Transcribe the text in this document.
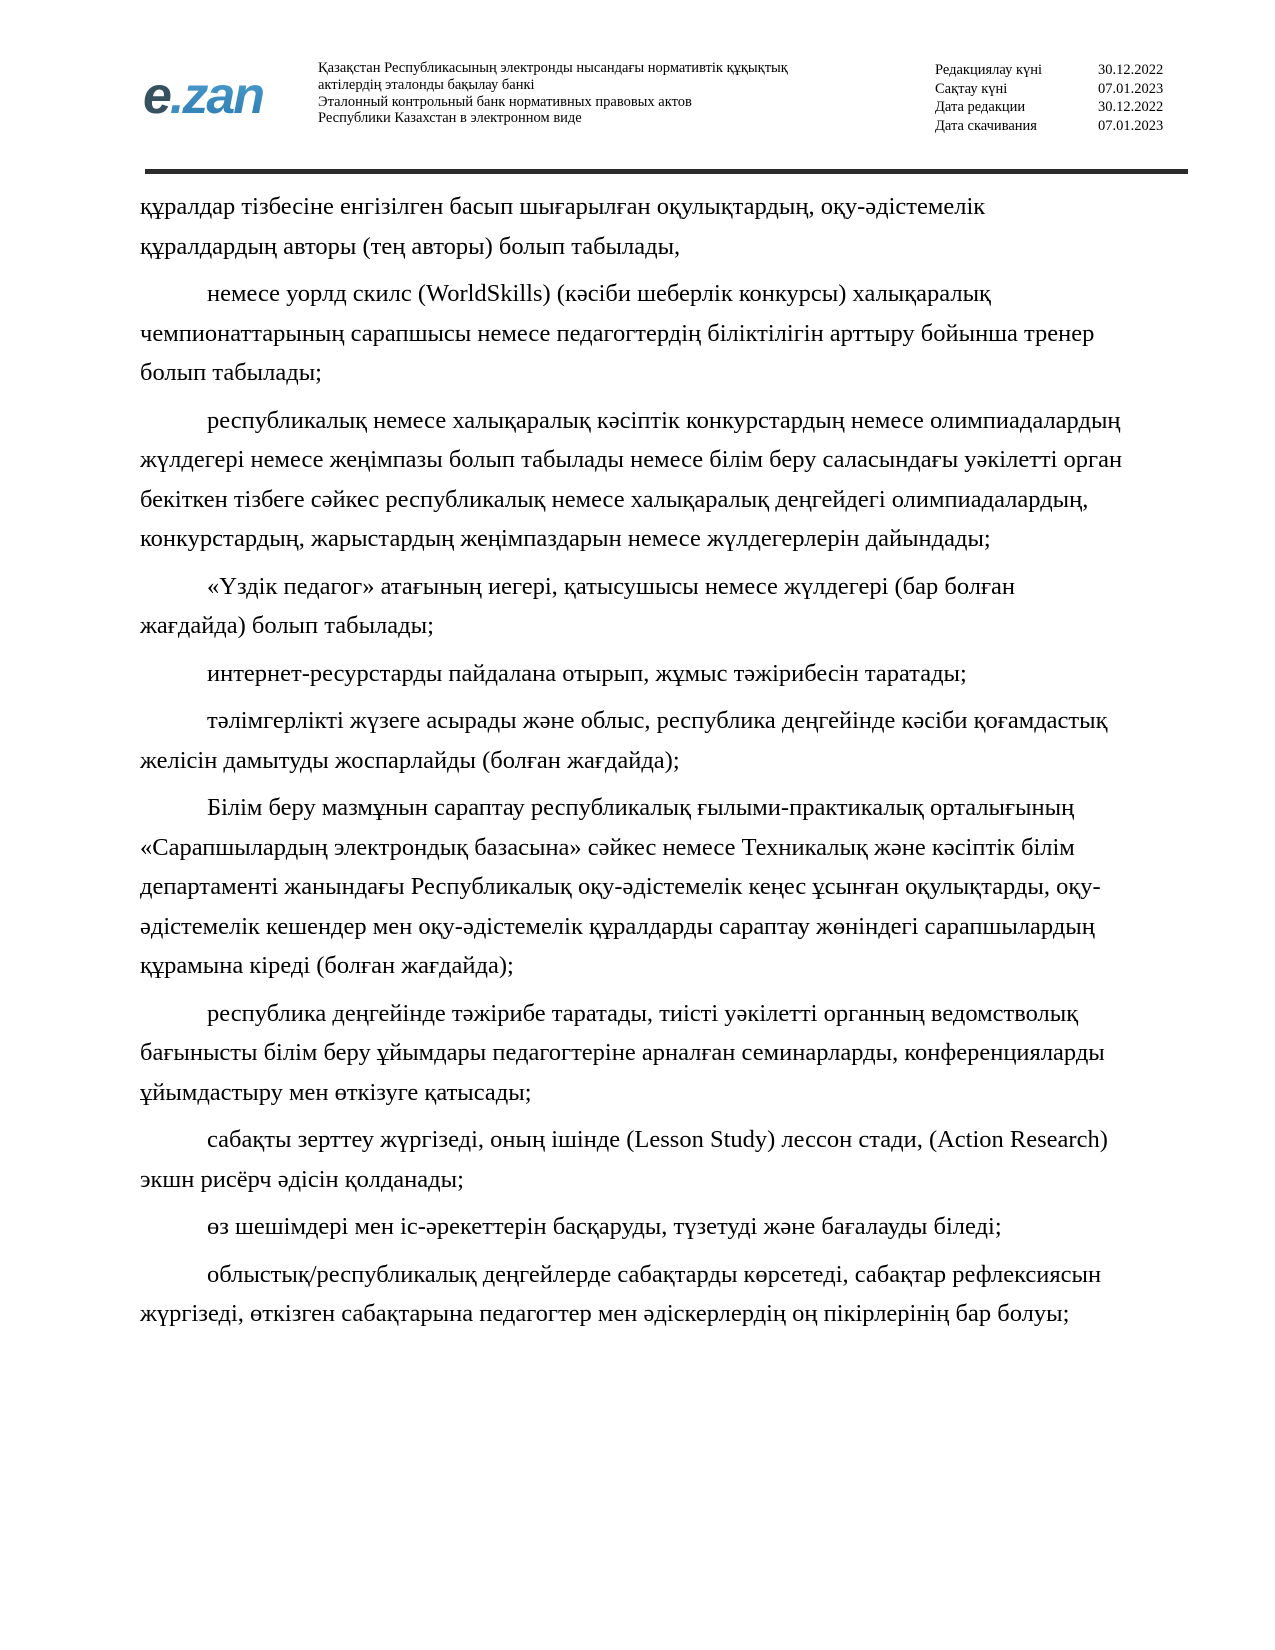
e.zan	Қазақстан Республикасының электронды нысандағы нормативтік құқықтық
актілердің эталонды бақылау банкі
Эталонный контрольный банк нормативных правовых актов
Республики Казахстан в электронном виде
Редакциялау күні	30.12.2022
Сақтау күні	07.01.2023
Дата редакции	30.12.2022
Дата скачивания	07.01.2023

құралдар тізбесіне енгізілген басып шығарылған оқулықтардың, оқу-әдістемелік құралдардың авторы (тең авторы) болып табылады,

немесе уорлд скилс (WorldSkills) (кәсіби шеберлік конкурсы) халықаралық чемпионаттарының сарапшысы немесе педагогтердің біліктілігін арттыру бойынша тренер болып табылады;

республикалық немесе халықаралық кәсіптік конкурстардың немесе олимпиадалардың жүлдегері немесе жеңімпазы болып табылады немесе білім беру саласындағы уәкілетті орган бекіткен тізбеге сәйкес республикалық немесе халықаралық деңгейдегі олимпиадалардың, конкурстардың, жарыстардың жеңімпаздарын немесе жүлдегерлерін дайындады;

«Үздік педагог» атағының иегері, қатысушысы немесе жүлдегері (бар болған жағдайда) болып табылады;

интернет-ресурстарды пайдалана отырып, жұмыс тәжірибесін таратады;

тәлімгерлікті жүзеге асырады және облыс, республика деңгейінде кәсіби қоғамдастық желісін дамытуды жоспарлайды (болған жағдайда);

Білім беру мазмұнын сараптау республикалық ғылыми-практикалық орталығының «Сарапшылардың электрондық базасына» сәйкес немесе Техникалық және кәсіптік білім департаменті жанындағы Республикалық оқу-әдістемелік кеңес ұсынған оқулықтарды, оқу-әдістемелік кешендер мен оқу-әдістемелік құралдарды сараптау жөніндегі сарапшылардың құрамына кіреді (болған жағдайда);

республика деңгейінде тәжірибе таратады, тиісті уәкілетті органның ведомстволық бағынысты білім беру ұйымдары педагогтеріне арналған семинарларды, конференцияларды ұйымдастыру мен өткізуге қатысады;

сабақты зерттеу жүргізеді, оның ішінде (Lesson Study) лессон стади, (Action Research) экшн рисёрч әдісін қолданады;

өз шешімдері мен іс-әрекеттерін басқаруды, түзетуді және бағалауды біледі;

облыстық/республикалық деңгейлерде сабақтарды көрсетеді, сабақтар рефлексиясын жүргізеді, өткізген сабақтарына педагогтер мен әдіскерлердің оң пікірлерінің бар болуы;
